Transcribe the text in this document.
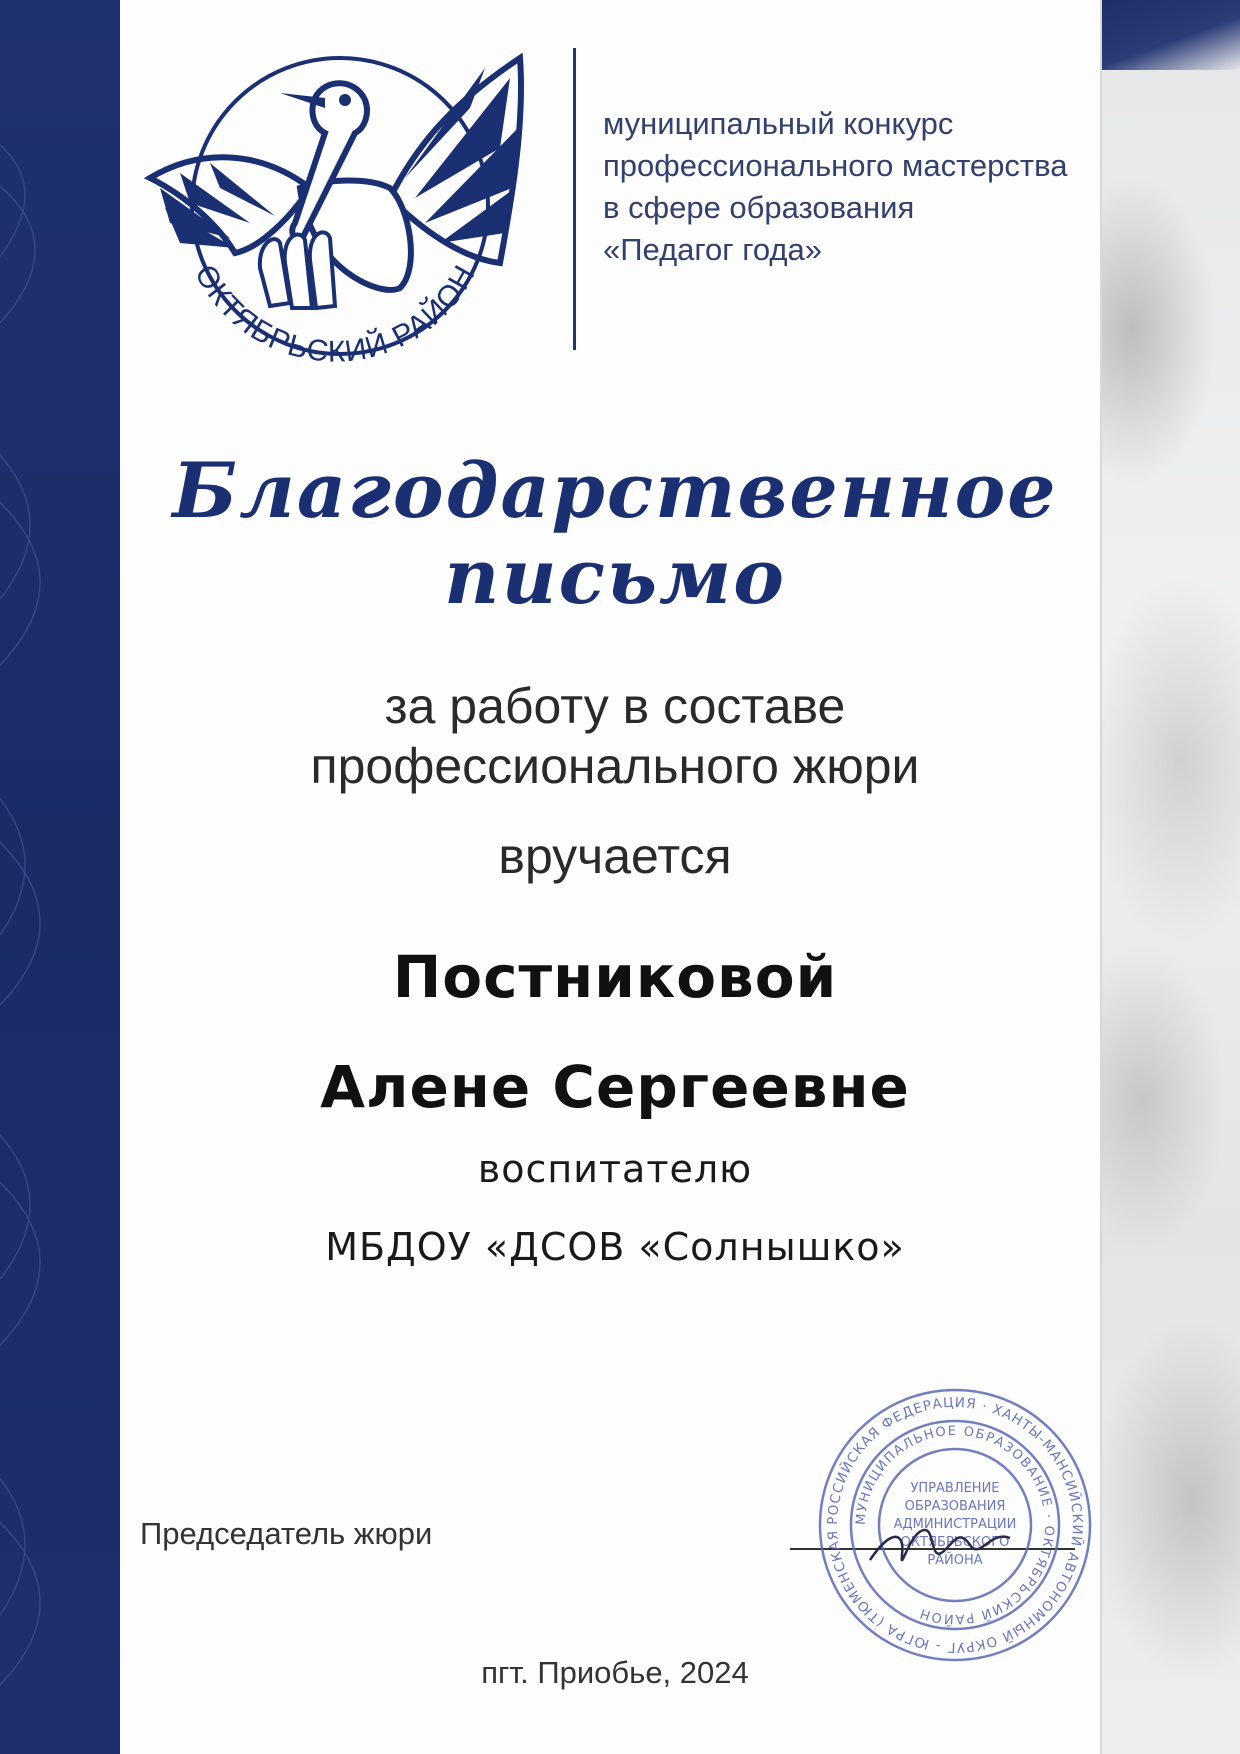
ОКТЯБРЬСКИЙ РАЙОН
муниципальный конкурс
профессионального мастерства
в сфере образования
«Педагог года»
Благодарственное
письмо
за работу в составе
профессионального жюри
вручается
Постниковой
Алене Сергеевне
воспитателю
МБДОУ «ДСОВ «Солнышко»
Председатель жюри	РОССИЙСКАЯ ФЕДЕРАЦИЯ · ХАНТЫ-МАНСИЙСКИЙ АВТОНОМНЫЙ ОКРУГ - ЮГРА (ТЮМЕНСКАЯ
МУНИЦИПАЛЬНОЕ ОБРАЗОВАНИЕ · ОКТЯБРЬСКИЙ РАЙОН
УПРАВЛЕНИЕ
ОБРАЗОВАНИЯ
АДМИНИСТРАЦИИ
ОКТЯБРЬСКОГО
РАЙОНА
пгт. Приобье, 2024
